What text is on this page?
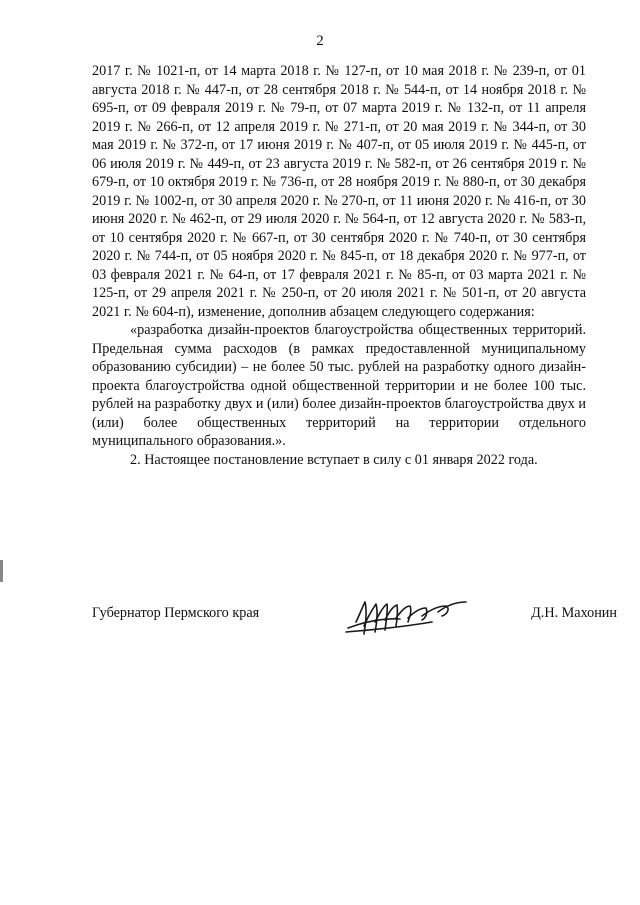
2

2017 г. № 1021-п, от 14 марта 2018 г. № 127-п, от 10 мая 2018 г. № 239-п, от 01 августа 2018 г. № 447-п, от 28 сентября 2018 г. № 544-п, от 14 ноября 2018 г. № 695-п, от 09 февраля 2019 г. № 79-п, от 07 марта 2019 г. № 132-п, от 11 апреля 2019 г. № 266-п, от 12 апреля 2019 г. № 271-п, от 20 мая 2019 г. № 344-п, от 30 мая 2019 г. № 372-п, от 17 июня 2019 г. № 407-п, от 05 июля 2019 г. № 445-п, от 06 июля 2019 г. № 449-п, от 23 августа 2019 г. № 582-п, от 26 сентября 2019 г. № 679-п, от 10 октября 2019 г. № 736-п, от 28 ноября 2019 г. № 880-п, от 30 декабря 2019 г. № 1002-п, от 30 апреля 2020 г. № 270-п, от 11 июня 2020 г. № 416-п, от 30 июня 2020 г. № 462-п, от 29 июля 2020 г. № 564-п, от 12 августа 2020 г. № 583-п, от 10 сентября 2020 г. № 667-п, от 30 сентября 2020 г. № 740-п, от 30 сентября 2020 г. № 744-п, от 05 ноября 2020 г. № 845-п, от 18 декабря 2020 г. № 977-п, от 03 февраля 2021 г. № 64-п, от 17 февраля 2021 г. № 85-п, от 03 марта 2021 г. № 125-п, от 29 апреля 2021 г. № 250-п, от 20 июля 2021 г. № 501-п, от 20 августа 2021 г. № 604-п), изменение, дополнив абзацем следующего содержания:

«разработка дизайн-проектов благоустройства общественных территорий. Предельная сумма расходов (в рамках предоставленной муниципальному образованию субсидии) – не более 50 тыс. рублей на разработку одного дизайн-проекта благоустройства одной общественной территории и не более 100 тыс. рублей на разработку двух и (или) более дизайн-проектов благоустройства двух и (или) более общественных территорий на территории отдельного муниципального образования.».

2. Настоящее постановление вступает в силу с 01 января 2022 года.

Губернатор Пермского края	Д.Н. Махонин
